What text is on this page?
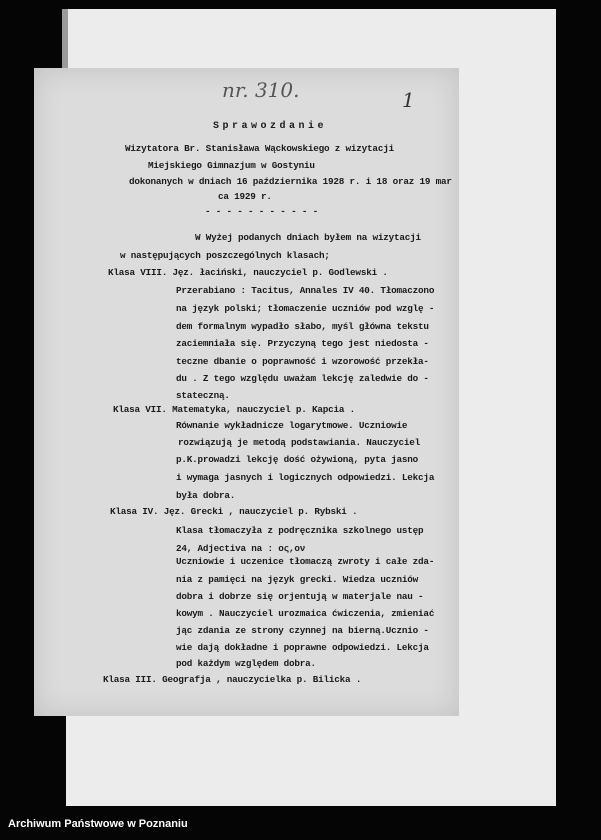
nr. 310.	1
Sprawozdanie
Wizytatora Br. Stanisława Wąckowskiego z wizytacji
Miejskiego Gimnazjum w Gostyniu
dokonanych w dniach 16 października 1928 r. i 18 oraz 19 mar
ca 1929 r.
- - - - - - - - - - -
W Wyżej podanych dniach byłem na wizytacji
w następujących poszczególnych klasach;
Klasa VIII. Jęz. łaciński, nauczyciel p. Godlewski .
Przerabiano : Tacitus, Annales IV 40. Tłomaczono
na język polski; tłomaczenie uczniów pod wzglę -
dem formalnym wypadło słabo, myśl główna tekstu
zaciemniała się. Przyczyną tego jest niedosta -
teczne dbanie o poprawność i wzorowość przekła-
du . Z tego względu uważam lekcję zaledwie do -
stateczną.
Klasa VII. Matematyka, nauczyciel p. Kapcia .
Równanie wykładnicze logarytmowe. Uczniowie
rozwiązują je metodą podstawiania. Nauczyciel
p.K.prowadzi lekcję dość ożywioną, pyta jasno
i wymaga jasnych i logicznych odpowiedzi. Lekcja
była dobra.
Klasa IV. Jęz. Grecki , nauczyciel p. Rybski .
Klasa tłomaczyła z podręcznika szkolnego ustęp
24, Adjectiva na : ος,ον
Uczniowie i uczenice tłomaczą zwroty i całe zda-
nia z pamięci na język grecki. Wiedza uczniów
dobra i dobrze się orjentują w materjale nau -
kowym . Nauczyciel urozmaica ćwiczenia, zmieniać
jąc zdania ze strony czynnej na bierną.Ucznio -
wie dają dokładne i poprawne odpowiedzi. Lekcja
pod każdym względem dobra.
Klasa III. Geografja , nauczycielka p. Bilicka .
Archiwum Państwowe w Poznaniu
